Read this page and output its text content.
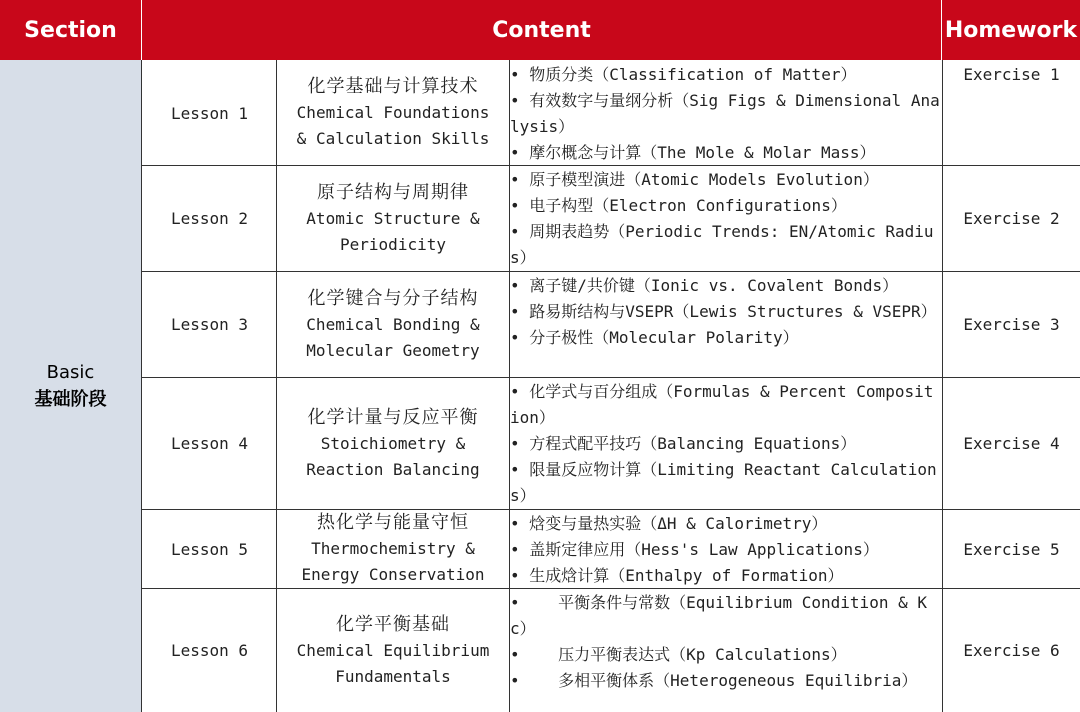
Section	Content	Homework
Basic
基础阶段
Lesson 1
化学基础与计算技术
Chemical Foundations & Calculation Skills
• 物质分类（Classification of Matter）
• 有效数字与量纲分析（Sig Figs & Dimensional Analysis）
• 摩尔概念与计算（The Mole & Molar Mass）
Exercise 1
Lesson 2
原子结构与周期律
Atomic Structure & Periodicity
• 原子模型演进（Atomic Models Evolution）
• 电子构型（Electron Configurations）
• 周期表趋势（Periodic Trends: EN/Atomic Radius）
Exercise 2
Lesson 3
化学键合与分子结构
Chemical Bonding & Molecular Geometry
• 离子键/共价键（Ionic vs. Covalent Bonds）
• 路易斯结构与VSEPR（Lewis Structures & VSEPR）
• 分子极性（Molecular Polarity）
Exercise 3
Lesson 4
化学计量与反应平衡
Stoichiometry & Reaction Balancing
• 化学式与百分组成（Formulas & Percent Composition）
• 方程式配平技巧（Balancing Equations）
• 限量反应物计算（Limiting Reactant Calculations）
Exercise 4
Lesson 5
热化学与能量守恒
Thermochemistry & Energy Conservation
• 焓变与量热实验（ΔH & Calorimetry）
• 盖斯定律应用（Hess's Law Applications）
• 生成焓计算（Enthalpy of Formation）
Exercise 5
Lesson 6
化学平衡基础
Chemical Equilibrium Fundamentals
•    平衡条件与常数（Equilibrium Condition & Kc）
•    压力平衡表达式（Kp Calculations）
•    多相平衡体系（Heterogeneous Equilibria）
Exercise 6
